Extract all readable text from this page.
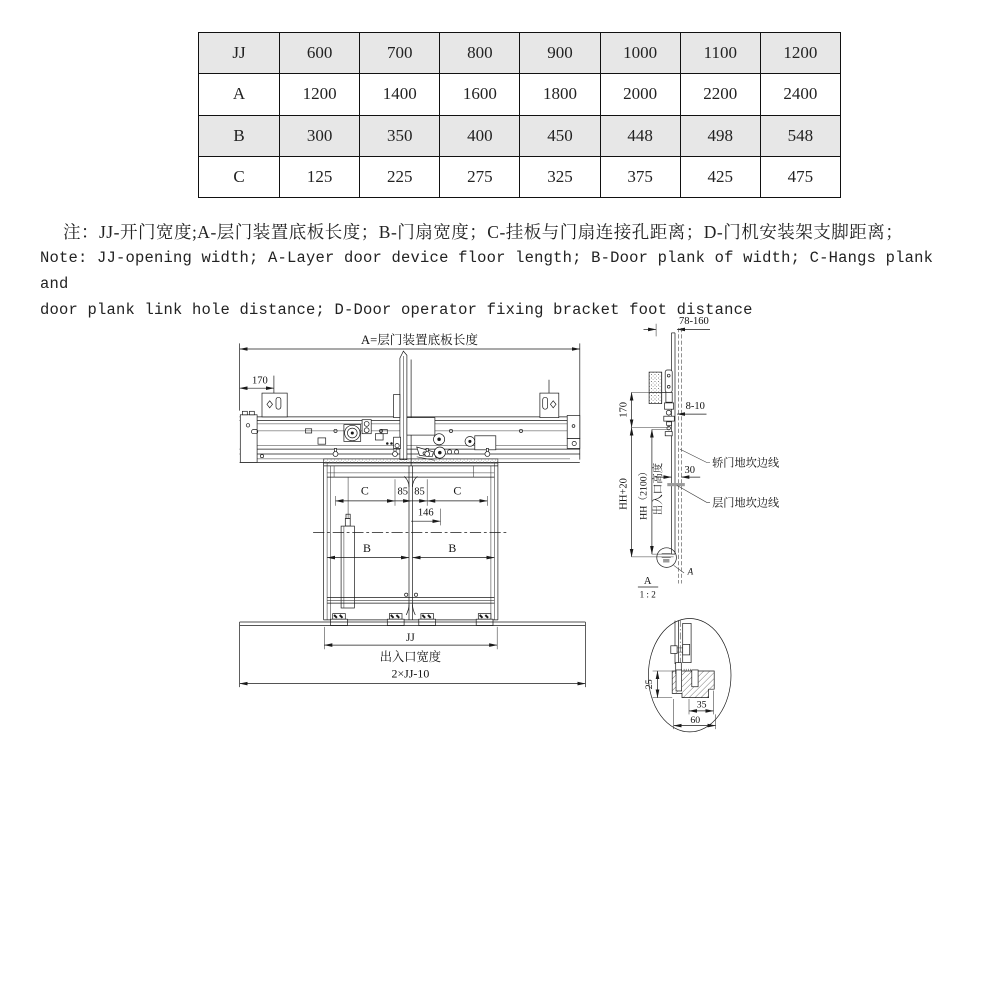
JJ	600	700	800	900	1000	1100	1200
A	1200	1400	1600	1800	2000	2200	2400
B	300	350	400	450	448	498	548
C	125	225	275	325	375	425	475
注：JJ-开门宽度;A-层门装置底板长度；B-门扇宽度；C-挂板与门扇连接孔距离；D-门机安装架支脚距离；
Note: JJ-opening width; A-Layer door device floor length; B-Door plank of width; C-Hangs plank and
door plank link hole distance; D-Door operator fixing bracket foot distance
A=层门装置底板长度
170
C 85 85 C
146
B	B
JJ
出入口宽度
2×JJ-10
78-160
8-10
170
HH+20 HH（2100） 出入口高度 30
轿门地坎边线
层门地坎边线
A
A
1 : 2
25
35
60
